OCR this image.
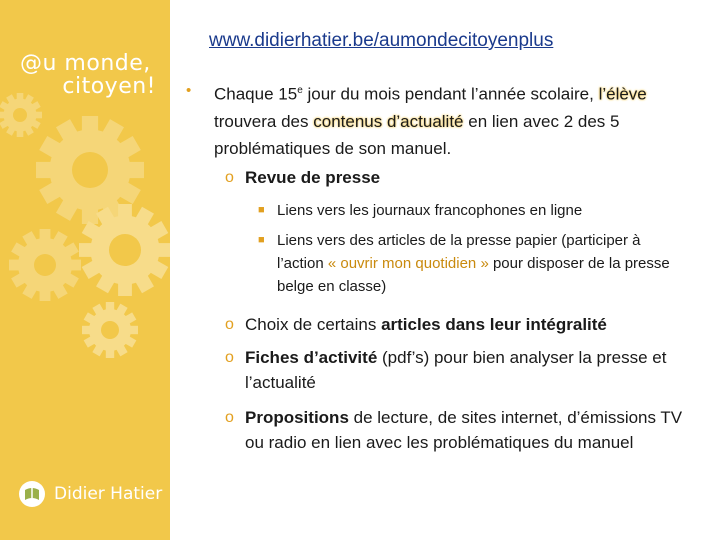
@u monde,
citoyen!
Didier Hatier
www.didierhatier.be/aumondecitoyenplus
•	Chaque 15e jour du mois pendant l’année scolaire, l’élève trouvera des contenus d’actualité en lien avec 2 des 5 problématiques de son manuel.
o Revue de presse
■ Liens vers les journaux francophones en ligne
■ Liens vers des articles de la presse papier (participer à l’action « ouvrir mon quotidien » pour disposer de la presse belge en classe)
o Choix de certains articles dans leur intégralité
o Fiches d’activité (pdf’s) pour bien analyser la presse et l’actualité
o Propositions de lecture, de sites internet, d’émissions TV ou radio en lien avec les problématiques du manuel
